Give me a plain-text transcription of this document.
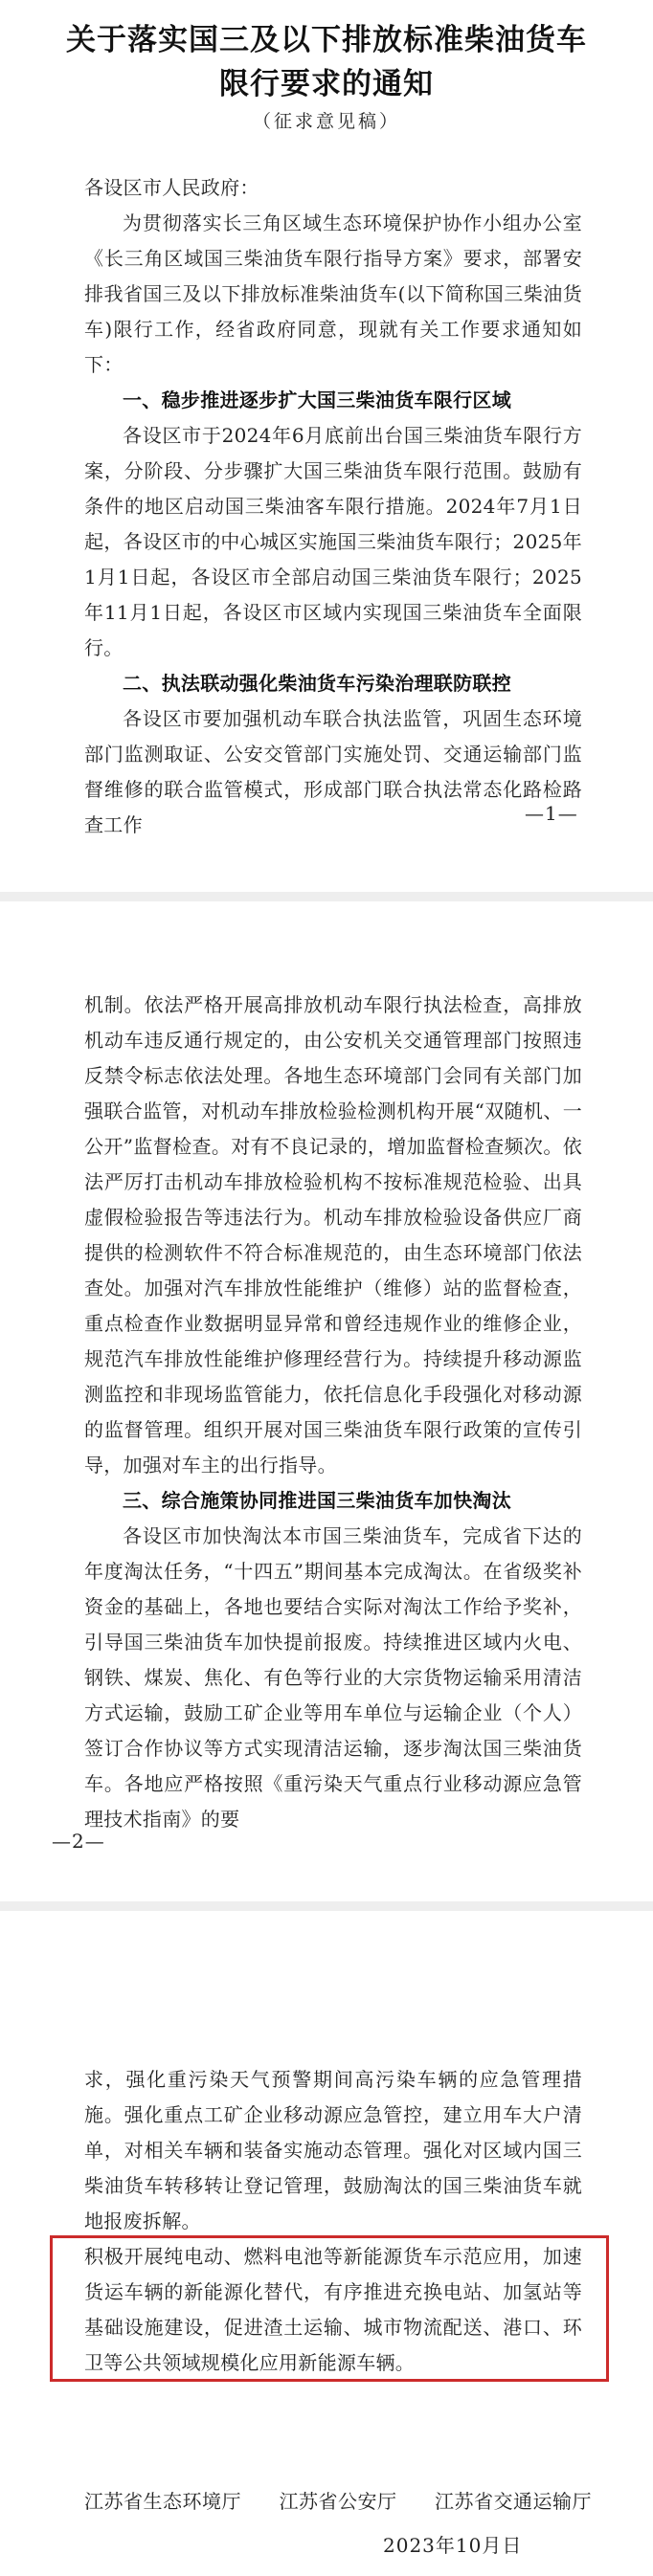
关于落实国三及以下排放标准柴油货车
限行要求的通知
（征求意见稿）

各设区市人民政府：

为贯彻落实长三角区域生态环境保护协作小组办公室《长三角区域国三柴油货车限行指导方案》要求，部署安排我省国三及以下排放标准柴油货车(以下简称国三柴油货车)限行工作，经省政府同意，现就有关工作要求通知如下：

一、稳步推进逐步扩大国三柴油货车限行区域

各设区市于2024年6月底前出台国三柴油货车限行方案，分阶段、分步骤扩大国三柴油货车限行范围。鼓励有条件的地区启动国三柴油客车限行措施。2024年7月1日起，各设区市的中心城区实施国三柴油货车限行；2025年1月1日起，各设区市全部启动国三柴油货车限行；2025年11月1日起，各设区市区域内实现国三柴油货车全面限行。

二、执法联动强化柴油货车污染治理联防联控

各设区市要加强机动车联合执法监管，巩固生态环境部门监测取证、公安交管部门实施处罚、交通运输部门监督维修的联合监管模式，形成部门联合执法常态化路检路查工作	—1—

机制。依法严格开展高排放机动车限行执法检查，高排放机动车违反通行规定的，由公安机关交通管理部门按照违反禁令标志依法处理。各地生态环境部门会同有关部门加强联合监管，对机动车排放检验检测机构开展“双随机、一公开”监督检查。对有不良记录的，增加监督检查频次。依法严厉打击机动车排放检验机构不按标准规范检验、出具虚假检验报告等违法行为。机动车排放检验设备供应厂商提供的检测软件不符合标准规范的，由生态环境部门依法查处。加强对汽车排放性能维护（维修）站的监督检查，重点检查作业数据明显异常和曾经违规作业的维修企业，规范汽车排放性能维护修理经营行为。持续提升移动源监测监控和非现场监管能力，依托信息化手段强化对移动源的监督管理。组织开展对国三柴油货车限行政策的宣传引导，加强对车主的出行指导。

三、综合施策协同推进国三柴油货车加快淘汰

各设区市加快淘汰本市国三柴油货车，完成省下达的年度淘汰任务，“十四五”期间基本完成淘汰。在省级奖补资金的基础上，各地也要结合实际对淘汰工作给予奖补，引导国三柴油货车加快提前报废。持续推进区域内火电、钢铁、煤炭、焦化、有色等行业的大宗货物运输采用清洁方式运输，鼓励工矿企业等用车单位与运输企业（个人）签订合作协议等方式实现清洁运输，逐步淘汰国三柴油货车。各地应严格按照《重污染天气重点行业移动源应急管理技术指南》的要

—2—

求，强化重污染天气预警期间高污染车辆的应急管理措施。强化重点工矿企业移动源应急管控，建立用车大户清单，对相关车辆和装备实施动态管理。强化对区域内国三柴油货车转移转让登记管理，鼓励淘汰的国三柴油货车就地报废拆解。

积极开展纯电动、燃料电池等新能源货车示范应用，加速货运车辆的新能源化替代，有序推进充换电站、加氢站等基础设施建设，促进渣土运输、城市物流配送、港口、环卫等公共领域规模化应用新能源车辆。

江苏省生态环境厅 江苏省公安厅 江苏省交通运输厅
2023年10月日
